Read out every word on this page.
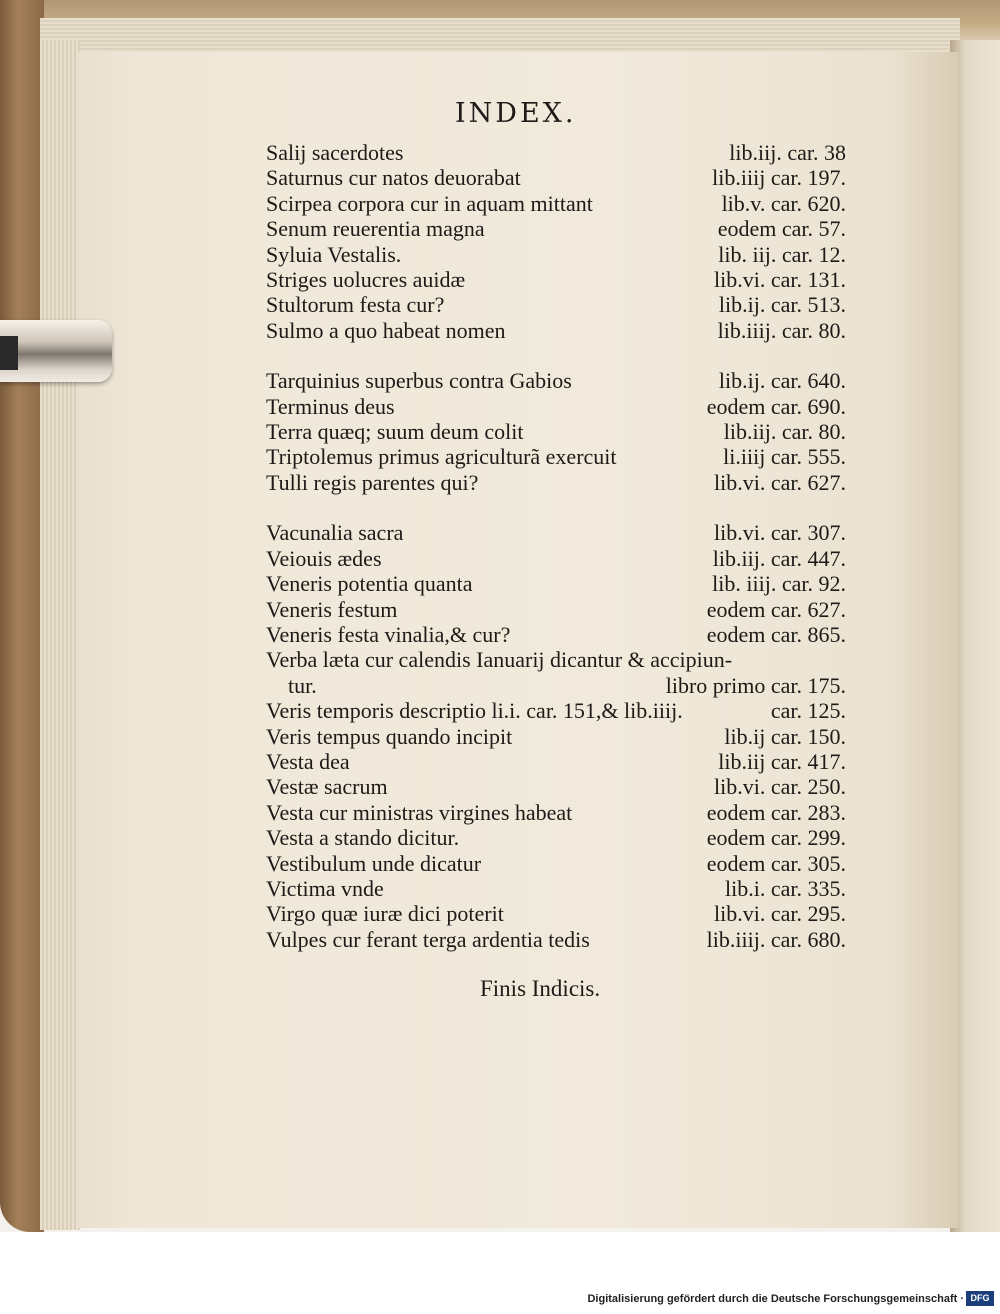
INDEX.
Salij sacerdotes	lib.iij. car. 38
Saturnus cur natos deuorabat	lib.iiij car. 197.
Scirpea corpora cur in aquam mittant	lib.v. car. 620.
Senum reuerentia magna	eodem car. 57.
Syluia Vestalis.	lib. iij. car. 12.
Striges uolucres auidæ	lib.vi. car. 131.
Stultorum festa cur?	lib.ij. car. 513.
Sulmo a quo habeat nomen	lib.iiij. car. 80.
Tarquinius superbus contra Gabios	lib.ij. car. 640.
Terminus deus	eodem car. 690.
Terra quæq; suum deum colit	lib.iij. car. 80.
Triptolemus primus agriculturã exercuit	li.iiij car. 555.
Tulli regis parentes qui?	lib.vi. car. 627.
Vacunalia sacra	lib.vi. car. 307.
Veiouis ædes	lib.iij. car. 447.
Veneris potentia quanta	lib. iiij. car. 92.
Veneris festum	eodem car. 627.
Veneris festa vinalia,& cur?	eodem car. 865.
Verba læta cur calendis Ianuarij dicantur & accipiun-
tur.	libro primo car. 175.
Veris temporis descriptio li.i. car. 151,& lib.iiij.	car. 125.
Veris tempus quando incipit	lib.ij car. 150.
Vesta dea	lib.iij car. 417.
Vestæ sacrum	lib.vi. car. 250.
Vesta cur ministras virgines habeat	eodem car. 283.
Vesta a stando dicitur.	eodem car. 299.
Vestibulum unde dicatur	eodem car. 305.
Victima vnde	lib.i. car. 335.
Virgo quæ iuræ dici poterit	lib.vi. car. 295.
Vulpes cur ferant terga ardentia tedis	lib.iiij. car. 680.
Finis Indicis.
Digitalisierung gefördert durch die Deutsche Forschungsgemeinschaft · DFG
